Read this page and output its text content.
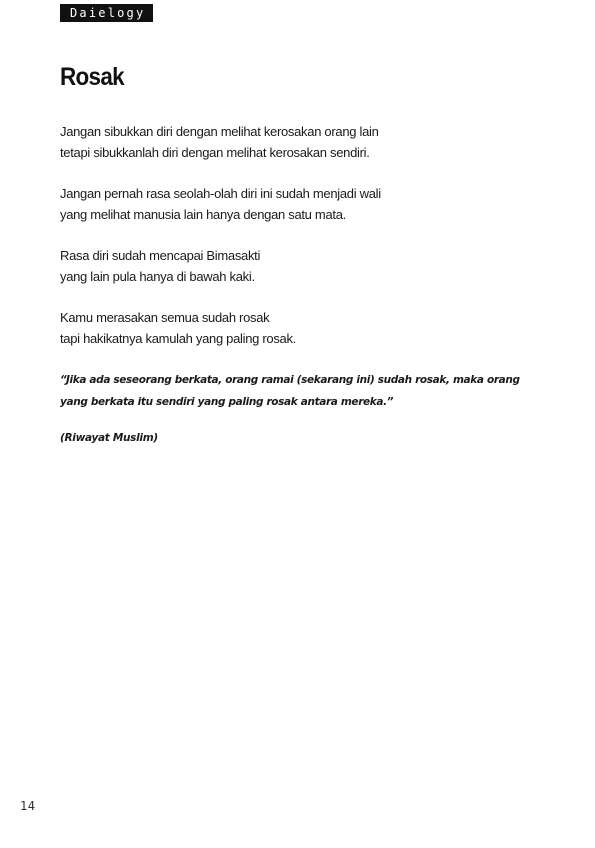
Daielogy
Rosak

Jangan sibukkan diri dengan melihat kerosakan orang lain
tetapi sibukkanlah diri dengan melihat kerosakan sendiri.

Jangan pernah rasa seolah-olah diri ini sudah menjadi wali
yang melihat manusia lain hanya dengan satu mata.

Rasa diri sudah mencapai Bimasakti
yang lain pula hanya di bawah kaki.

Kamu merasakan semua sudah rosak
tapi hakikatnya kamulah yang paling rosak.

“Jika ada seseorang berkata, orang ramai (sekarang ini) sudah rosak, maka orang
yang berkata itu sendiri yang paling rosak antara mereka.”

(Riwayat Muslim)

14
